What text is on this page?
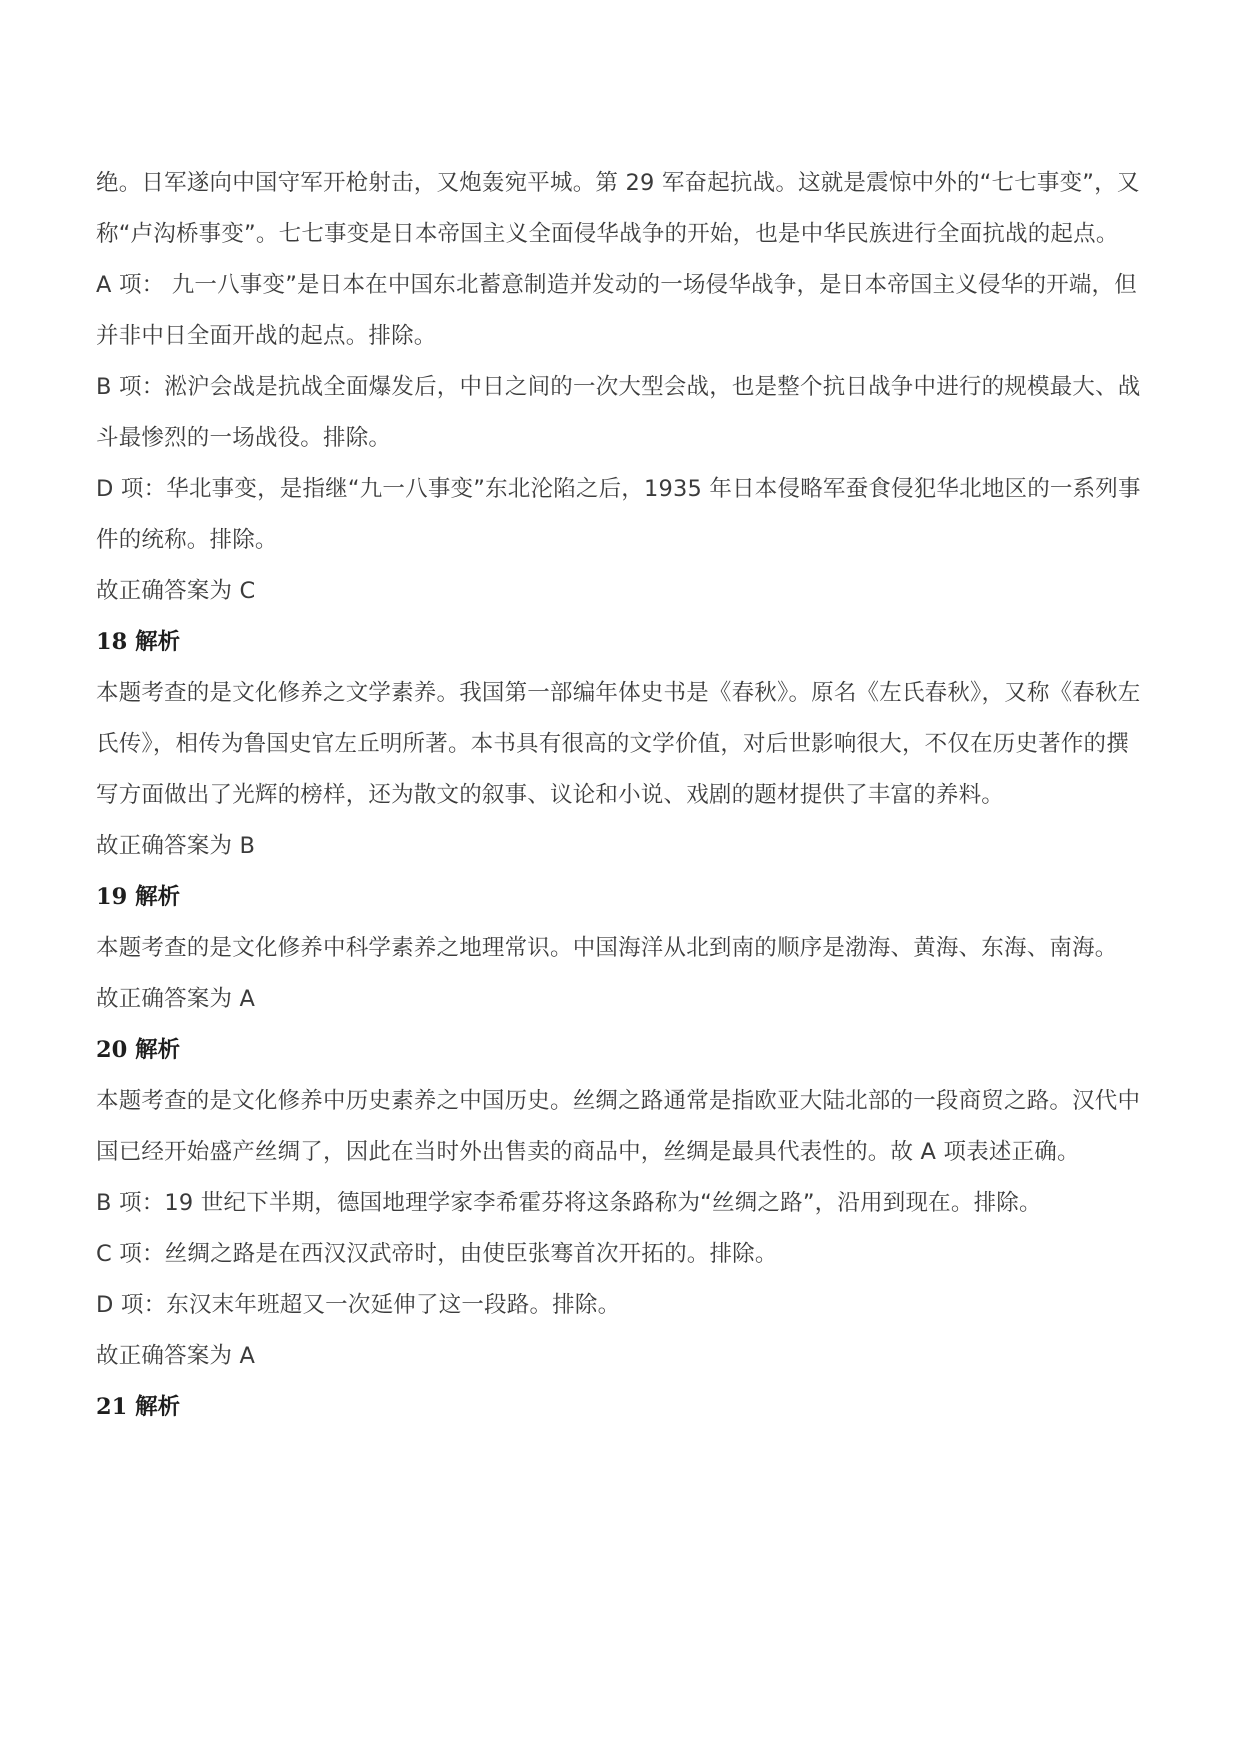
绝。日军遂向中国守军开枪射击，又炮轰宛平城。第 29 军奋起抗战。这就是震惊中外的“七七事变”，又称“卢沟桥事变”。七七事变是日本帝国主义全面侵华战争的开始，也是中华民族进行全面抗战的起点。

A 项： 九一八事变”是日本在中国东北蓄意制造并发动的一场侵华战争，是日本帝国主义侵华的开端，但并非中日全面开战的起点。排除。

B 项：淞沪会战是抗战全面爆发后，中日之间的一次大型会战，也是整个抗日战争中进行的规模最大、战斗最惨烈的一场战役。排除。

D 项：华北事变，是指继“九一八事变”东北沦陷之后，1935 年日本侵略军蚕食侵犯华北地区的一系列事件的统称。排除。

故正确答案为 C

18 解析

本题考查的是文化修养之文学素养。我国第一部编年体史书是《春秋》。原名《左氏春秋》，又称《春秋左氏传》，相传为鲁国史官左丘明所著。本书具有很高的文学价值，对后世影响很大，不仅在历史著作的撰写方面做出了光辉的榜样，还为散文的叙事、议论和小说、戏剧的题材提供了丰富的养料。

故正确答案为 B

19 解析

本题考查的是文化修养中科学素养之地理常识。中国海洋从北到南的顺序是渤海、黄海、东海、南海。

故正确答案为 A

20 解析

本题考查的是文化修养中历史素养之中国历史。丝绸之路通常是指欧亚大陆北部的一段商贸之路。汉代中国已经开始盛产丝绸了，因此在当时外出售卖的商品中，丝绸是最具代表性的。故 A 项表述正确。

B 项：19 世纪下半期，德国地理学家李希霍芬将这条路称为“丝绸之路”，沿用到现在。排除。

C 项：丝绸之路是在西汉汉武帝时，由使臣张骞首次开拓的。排除。

D 项：东汉末年班超又一次延伸了这一段路。排除。

故正确答案为 A

21 解析
